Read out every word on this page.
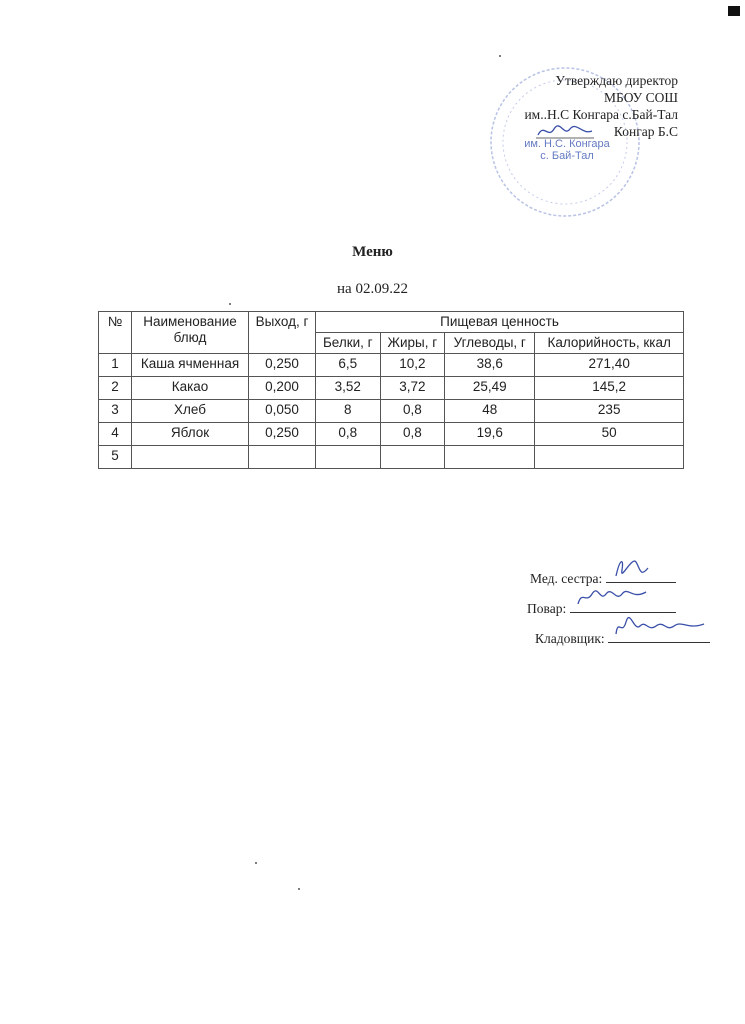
им. Н.С. Конгара
с. Бай-Тал
Утверждаю директор
МБОУ СОШ
им..Н.С Конгара с.Бай-Тал
Конгар Б.С
Меню
на 02.09.22
№	Наименование блюд	Выход, г	Пищевая ценность			
			Белки, г	Жиры, г	Углеводы, г	Калорийность, ккал
1	Каша ячменная	0,250	6,5	10,2	38,6	271,40
2	Какао	0,200	3,52	3,72	25,49	145,2
3	Хлеб	0,050	8	0,8	48	235
4	Яблок	0,250	0,8	0,8	19,6	50
5						
Мед. сестра:
Повар:
Кладовщик:
